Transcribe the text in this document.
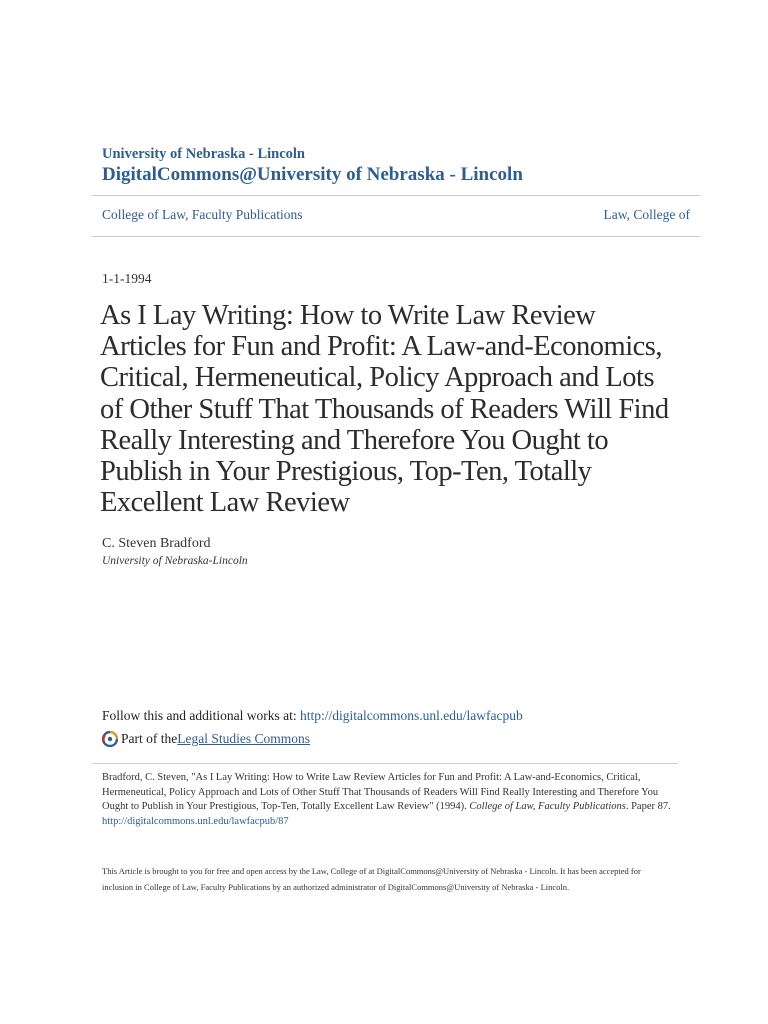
University of Nebraska - Lincoln
DigitalCommons@University of Nebraska - Lincoln
College of Law, Faculty Publications	Law, College of
1-1-1994
As I Lay Writing: How to Write Law Review Articles for Fun and Profit: A Law-and-Economics, Critical, Hermeneutical, Policy Approach and Lots of Other Stuff That Thousands of Readers Will Find Really Interesting and Therefore You Ought to Publish in Your Prestigious, Top-Ten, Totally Excellent Law Review
C. Steven Bradford
University of Nebraska-Lincoln
Follow this and additional works at: http://digitalcommons.unl.edu/lawfacpub
Part of the Legal Studies Commons
Bradford, C. Steven, "As I Lay Writing: How to Write Law Review Articles for Fun and Profit: A Law-and-Economics, Critical, Hermeneutical, Policy Approach and Lots of Other Stuff That Thousands of Readers Will Find Really Interesting and Therefore You Ought to Publish in Your Prestigious, Top-Ten, Totally Excellent Law Review" (1994). College of Law, Faculty Publications. Paper 87.
http://digitalcommons.unl.edu/lawfacpub/87
This Article is brought to you for free and open access by the Law, College of at DigitalCommons@University of Nebraska - Lincoln. It has been accepted for inclusion in College of Law, Faculty Publications by an authorized administrator of DigitalCommons@University of Nebraska - Lincoln.
